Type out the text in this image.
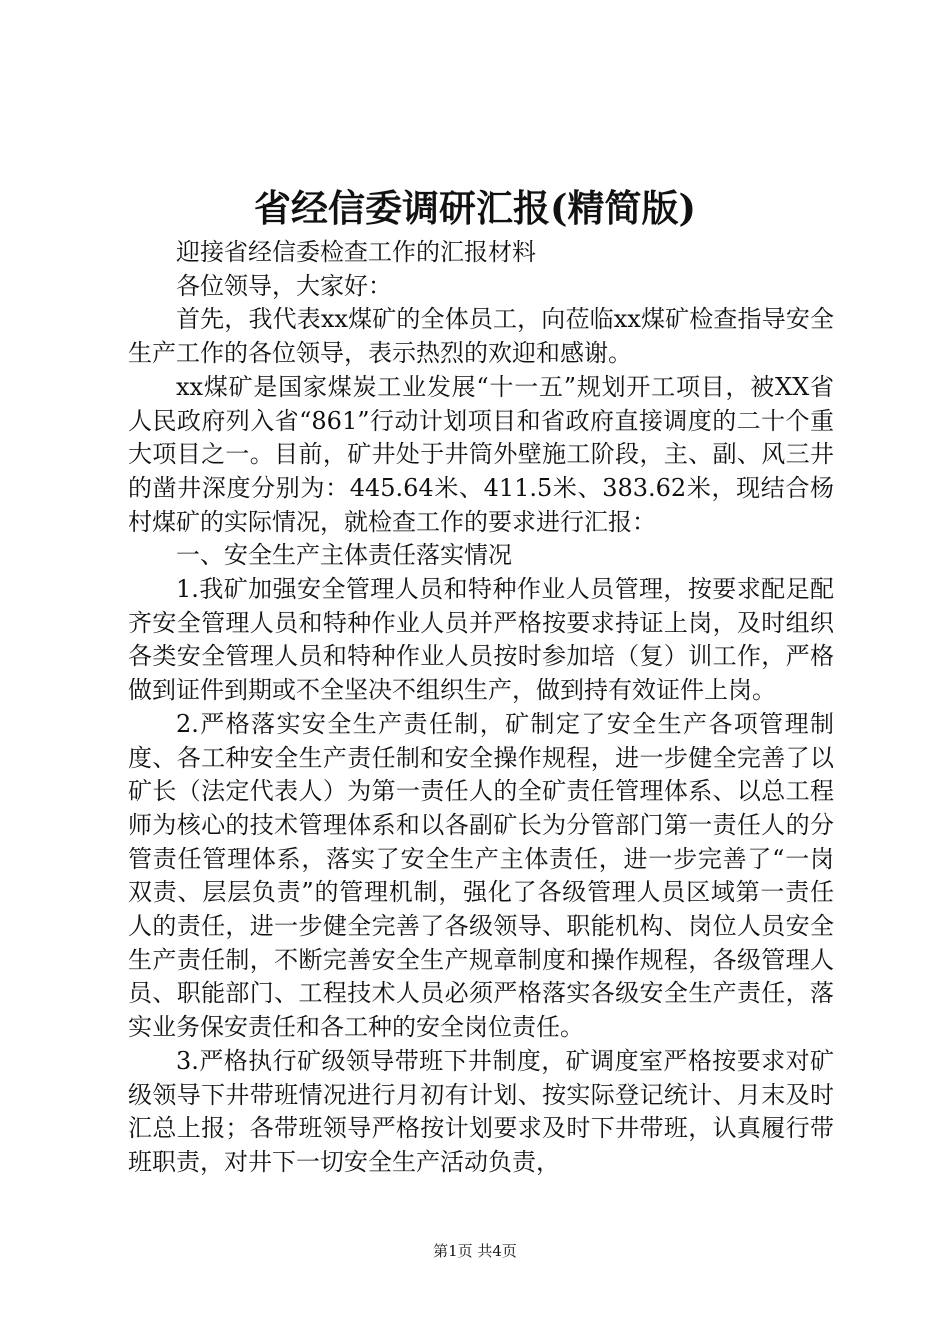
省经信委调研汇报(精简版)

迎接省经信委检查工作的汇报材料

各位领导，大家好：

首先，我代表xx煤矿的全体员工，向莅临xx煤矿检查指导安全生产工作的各位领导，表示热烈的欢迎和感谢。

xx煤矿是国家煤炭工业发展“十一五”规划开工项目，被XX省人民政府列入省“861”行动计划项目和省政府直接调度的二十个重大项目之一。目前，矿井处于井筒外壁施工阶段，主、副、风三井的凿井深度分别为：445.64米、411.5米、383.62米，现结合杨村煤矿的实际情况，就检查工作的要求进行汇报：

一、安全生产主体责任落实情况

1.我矿加强安全管理人员和特种作业人员管理，按要求配足配齐安全管理人员和特种作业人员并严格按要求持证上岗，及时组织各类安全管理人员和特种作业人员按时参加培（复）训工作，严格做到证件到期或不全坚决不组织生产，做到持有效证件上岗。

2.严格落实安全生产责任制，矿制定了安全生产各项管理制度、各工种安全生产责任制和安全操作规程，进一步健全完善了以矿长（法定代表人）为第一责任人的全矿责任管理体系、以总工程师为核心的技术管理体系和以各副矿长为分管部门第一责任人的分管责任管理体系，落实了安全生产主体责任，进一步完善了“一岗双责、层层负责”的管理机制，强化了各级管理人员区域第一责任人的责任，进一步健全完善了各级领导、职能机构、岗位人员安全生产责任制，不断完善安全生产规章制度和操作规程，各级管理人员、职能部门、工程技术人员必须严格落实各级安全生产责任，落实业务保安责任和各工种的安全岗位责任。

3.严格执行矿级领导带班下井制度，矿调度室严格按要求对矿级领导下井带班情况进行月初有计划、按实际登记统计、月末及时汇总上报；各带班领导严格按计划要求及时下井带班，认真履行带班职责，对井下一切安全生产活动负责，

第1页 共4页
